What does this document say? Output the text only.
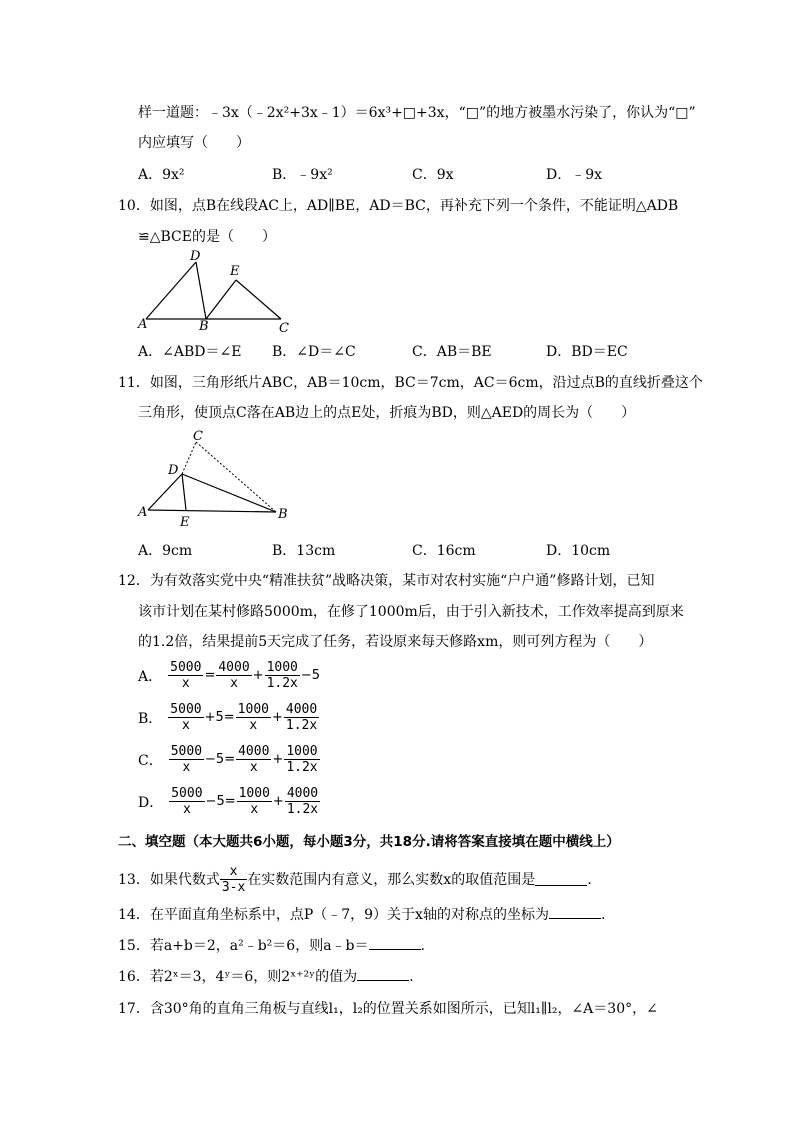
样一道题：﹣3x（﹣2x²+3x﹣1）＝6x³+□+3x，“□”的地方被墨水污染了，你认为“□”
内应填写（　　）
A．9x²	B．﹣9x²	C．9x	D．﹣9x
10．如图，点B在线段AC上，AD∥BE，AD＝BC，再补充下列一个条件，不能证明△ADB
≌△BCE的是（　　）
D
E
A	B	C
A．∠ABD＝∠E B．∠D＝∠C	C．AB＝BE	D．BD＝EC
11．如图，三角形纸片ABC，AB＝10cm，BC＝7cm，AC＝6cm，沿过点B的直线折叠这个
三角形，使顶点C落在AB边上的点E处，折痕为BD，则△AED的周长为（　　）
C
D
A
E
B
A．9cm	B．13cm	C．16cm	D．10cm
12．为有效落实党中央“精准扶贫”战略决策，某市对农村实施“户户通”修路计划，已知
该市计划在某村修路5000m，在修了1000m后，由于引入新技术，工作效率提高到原来
的1.2倍，结果提前5天完成了任务，若设原来每天修路xm，则可列方程为（　　）
A． $\frac{5000}{x} = \frac{4000}{x} + \frac{1000}{1.2x} -5$
B． $\frac{5000}{x} +5= \frac{1000}{x} + \frac{4000}{1.2x}$
C． $\frac{5000}{x} -5= \frac{4000}{x} + \frac{1000}{1.2x}$
D． $\frac{5000}{x} -5= \frac{1000}{x} + \frac{4000}{1.2x}$
二、填空题（本大题共6小题，每小题3分，共18分.请将答案直接填在题中横线上）
13．如果代数式 $\frac{x}{3-x}$ 在实数范围内有意义，那么实数x的取值范围是	.
14．在平面直角坐标系中，点P（﹣7，9）关于x轴的对称点的坐标为	.
15．若a+b＝2，a²﹣b²＝6，则a﹣b＝	.
16．若2ˣ＝3，4ʸ＝6，则2ˣ⁺²ʸ的值为	.
17．含30°角的直角三角板与直线l₁，l₂的位置关系如图所示，已知l₁∥l₂，∠A＝30°，∠
